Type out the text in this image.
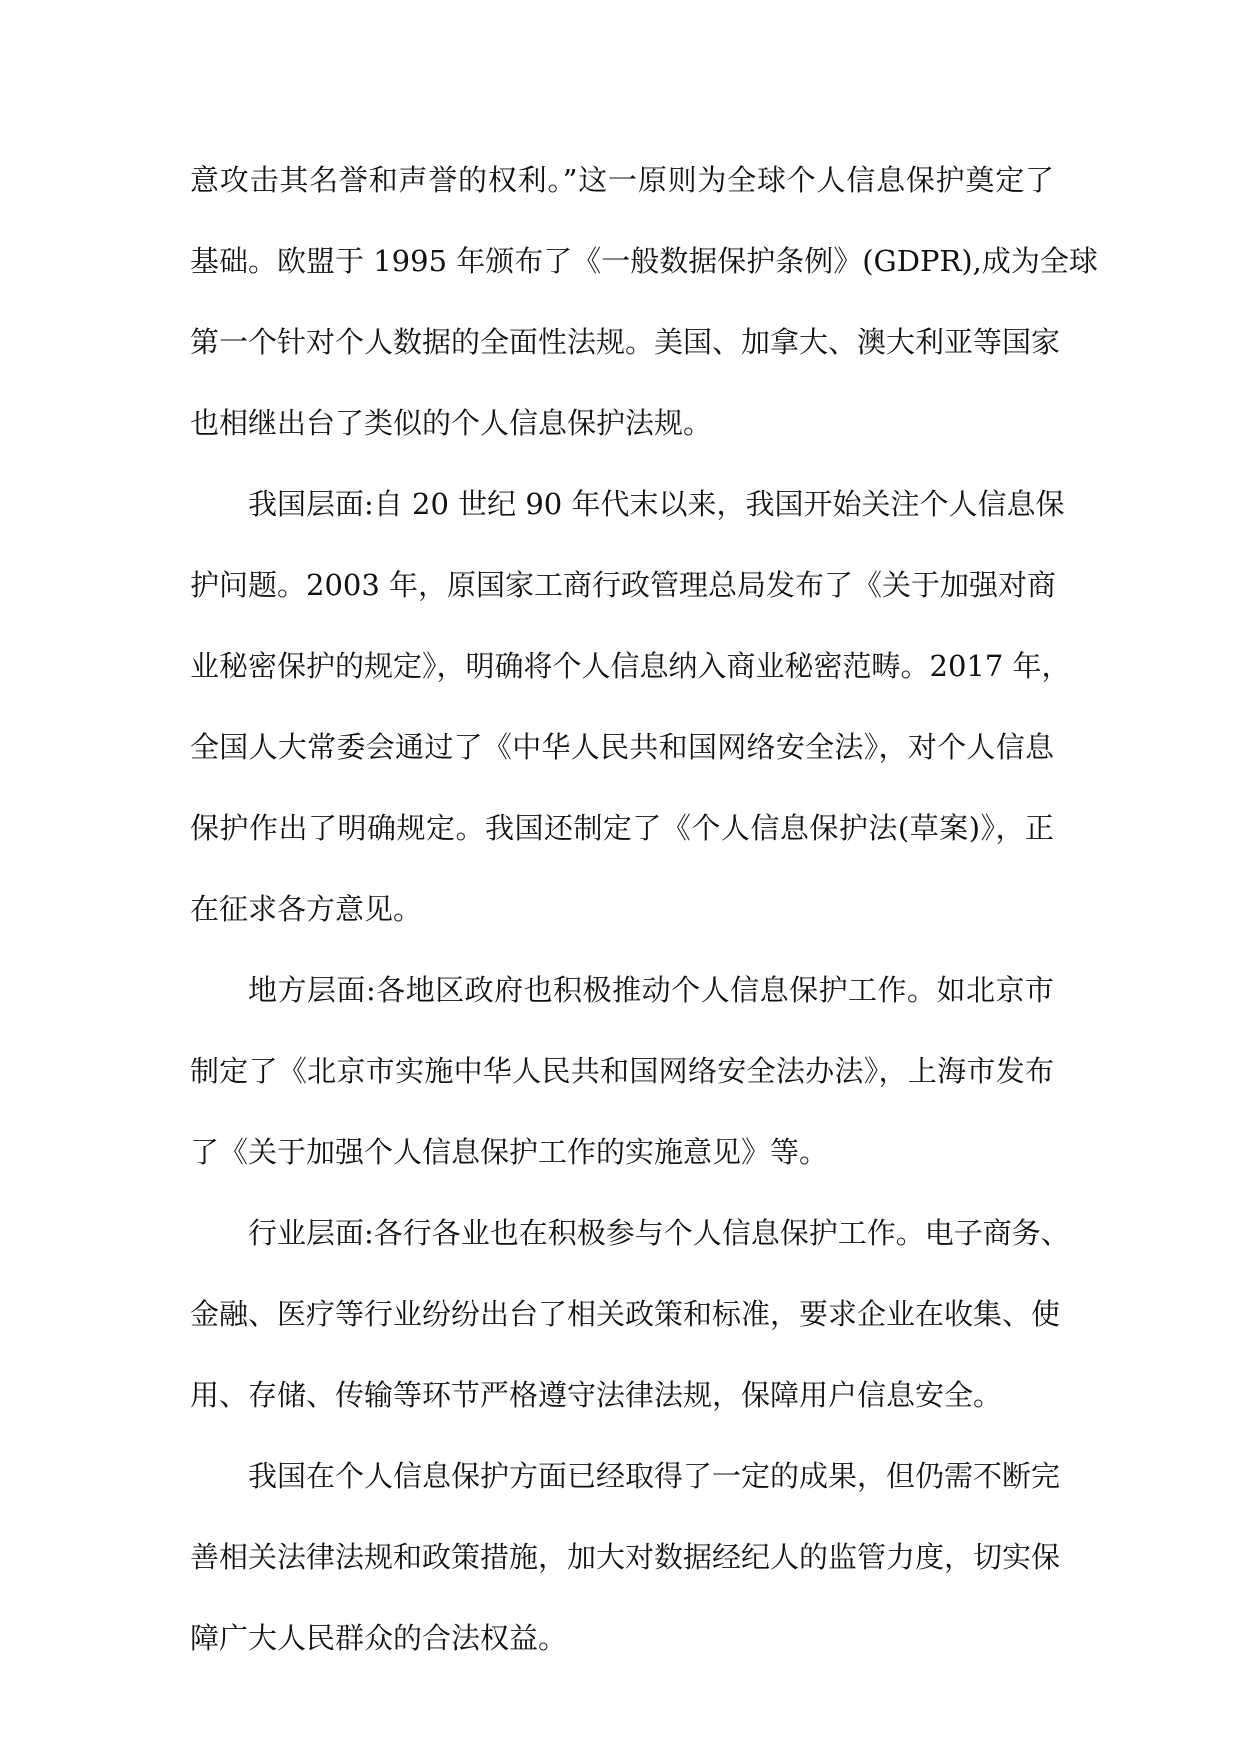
意攻击其名誉和声誉的权利。”这一原则为全球个人信息保护奠定了
基础。欧盟于 1995 年颁布了《一般数据保护条例》(GDPR),成为全球
第一个针对个人数据的全面性法规。美国、加拿大、澳大利亚等国家
也相继出台了类似的个人信息保护法规。
我国层面:自 20 世纪 90 年代末以来，我国开始关注个人信息保
护问题。2003 年，原国家工商行政管理总局发布了《关于加强对商
业秘密保护的规定》，明确将个人信息纳入商业秘密范畴。2017 年，
全国人大常委会通过了《中华人民共和国网络安全法》，对个人信息
保护作出了明确规定。我国还制定了《个人信息保护法(草案)》，正
在征求各方意见。
地方层面:各地区政府也积极推动个人信息保护工作。如北京市
制定了《北京市实施中华人民共和国网络安全法办法》，上海市发布
了《关于加强个人信息保护工作的实施意见》等。
行业层面:各行各业也在积极参与个人信息保护工作。电子商务、
金融、医疗等行业纷纷出台了相关政策和标准，要求企业在收集、使
用、存储、传输等环节严格遵守法律法规，保障用户信息安全。
我国在个人信息保护方面已经取得了一定的成果，但仍需不断完
善相关法律法规和政策措施，加大对数据经纪人的监管力度，切实保
障广大人民群众的合法权益。
